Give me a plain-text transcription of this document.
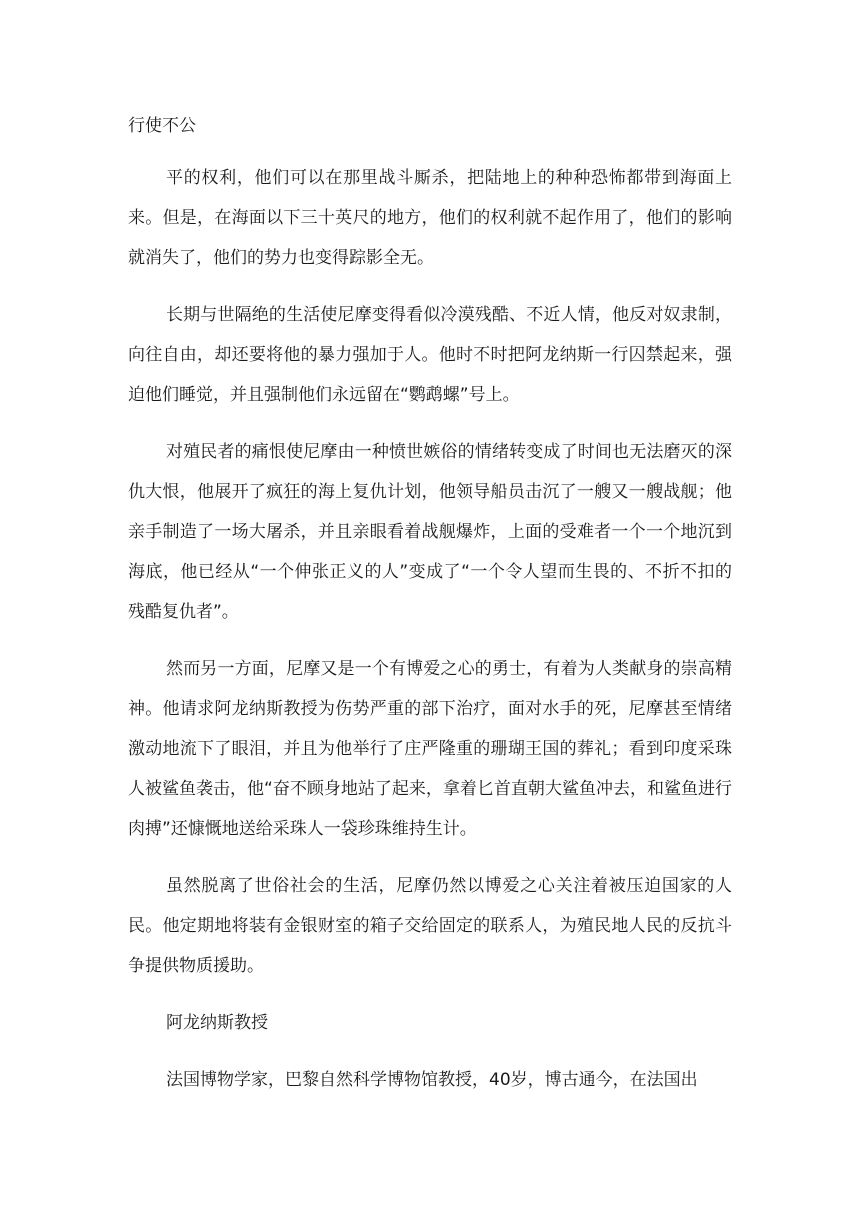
行使不公

平的权利，他们可以在那里战斗厮杀，把陆地上的种种恐怖都带到海面上来。但是，在海面以下三十英尺的地方，他们的权利就不起作用了，他们的影响就消失了，他们的势力也变得踪影全无。

长期与世隔绝的生活使尼摩变得看似冷漠残酷、不近人情，他反对奴隶制，向往自由，却还要将他的暴力强加于人。他时不时把阿龙纳斯一行囚禁起来，强迫他们睡觉，并且强制他们永远留在“鹦鹉螺”号上。

对殖民者的痛恨使尼摩由一种愤世嫉俗的情绪转变成了时间也无法磨灭的深仇大恨，他展开了疯狂的海上复仇计划，他领导船员击沉了一艘又一艘战舰；他亲手制造了一场大屠杀，并且亲眼看着战舰爆炸，上面的受难者一个一个地沉到海底，他已经从“一个伸张正义的人”变成了“一个令人望而生畏的、不折不扣的残酷复仇者”。

然而另一方面，尼摩又是一个有博爱之心的勇士，有着为人类献身的崇高精神。他请求阿龙纳斯教授为伤势严重的部下治疗，面对水手的死，尼摩甚至情绪激动地流下了眼泪，并且为他举行了庄严隆重的珊瑚王国的葬礼；看到印度采珠人被鲨鱼袭击，他“奋不顾身地站了起来，拿着匕首直朝大鲨鱼冲去，和鲨鱼进行肉搏”还慷慨地送给采珠人一袋珍珠维持生计。

虽然脱离了世俗社会的生活，尼摩仍然以博爱之心关注着被压迫国家的人民。他定期地将装有金银财室的箱子交给固定的联系人，为殖民地人民的反抗斗争提供物质援助。

阿龙纳斯教授

法国博物学家，巴黎自然科学博物馆教授，40岁，博古通今，在法国出
